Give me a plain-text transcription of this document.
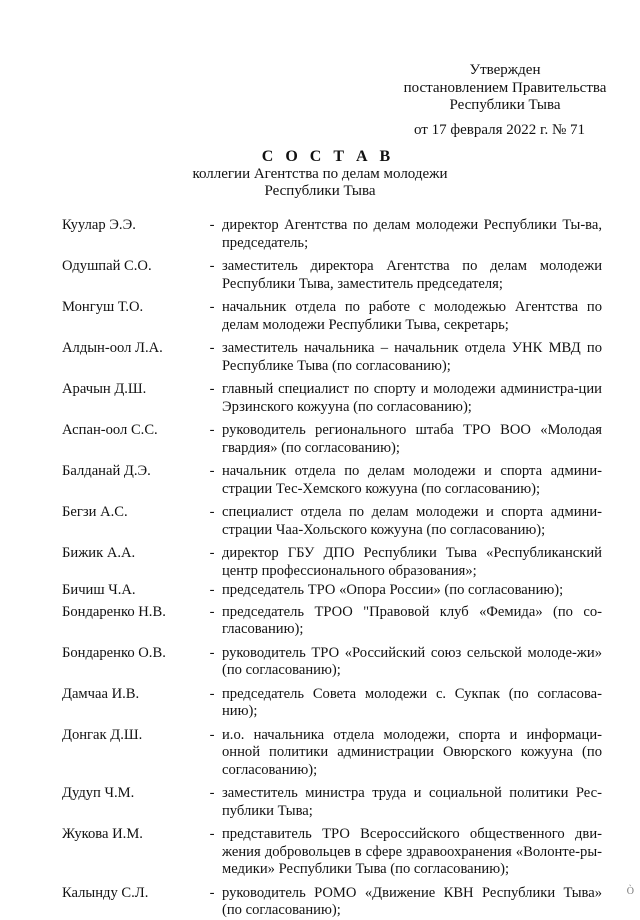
Утвержден
постановлением Правительства
Республики Тыва
от 17 февраля 2022 г. № 71
С О С Т А В
коллегии Агентства по делам молодежи
Республики Тыва
Куулар Э.Э.	- директор Агентства по делам молодежи Республики Ты-ва, председатель;
Одушпай С.О.	- заместитель директора Агентства по делам молодежи Республики Тыва, заместитель председателя;
Монгуш Т.О.	- начальник отдела по работе с молодежью Агентства по делам молодежи Республики Тыва, секретарь;
Алдын-оол Л.А.	- заместитель начальника – начальник отдела УНК МВД по Республике Тыва (по согласованию);
Арачын Д.Ш.	- главный специалист по спорту и молодежи администра-ции Эрзинского кожууна (по согласованию);
Аспан-оол С.С.	- руководитель регионального штаба ТРО ВОО «Молодая гвардия» (по согласованию);
Балданай Д.Э.	- начальник отдела по делам молодежи и спорта админи-страции Тес-Хемского кожууна (по согласованию);
Бегзи А.С.	- специалист отдела по делам молодежи и спорта админи-страции Чаа-Хольского кожууна (по согласованию);
Бижик А.А.	- директор ГБУ ДПО Республики Тыва «Республиканский центр профессионального образования»;
Бичиш Ч.А.	- председатель ТРО «Опора России» (по согласованию);
Бондаренко Н.В.	- председатель ТРОО "Правовой клуб «Фемида» (по со-гласованию);
Бондаренко О.В.	- руководитель ТРО «Российский союз сельской молоде-жи» (по согласованию);
Дамчаа И.В.	- председатель Совета молодежи с. Сукпак (по согласова-нию);
Донгак Д.Ш.	- и.о. начальника отдела молодежи, спорта и информаци-онной политики администрации Овюрского кожууна (по согласованию);
Дудуп Ч.М.	- заместитель министра труда и социальной политики Рес-публики Тыва;
Жукова И.М.	- представитель ТРО Всероссийского общественного дви-жения добровольцев в сфере здравоохранения «Волонте-ры-медики» Республики Тыва (по согласованию);
Калынду С.Л.	- руководитель РОМО «Движение КВН Республики Тыва» (по согласованию);
Ò
